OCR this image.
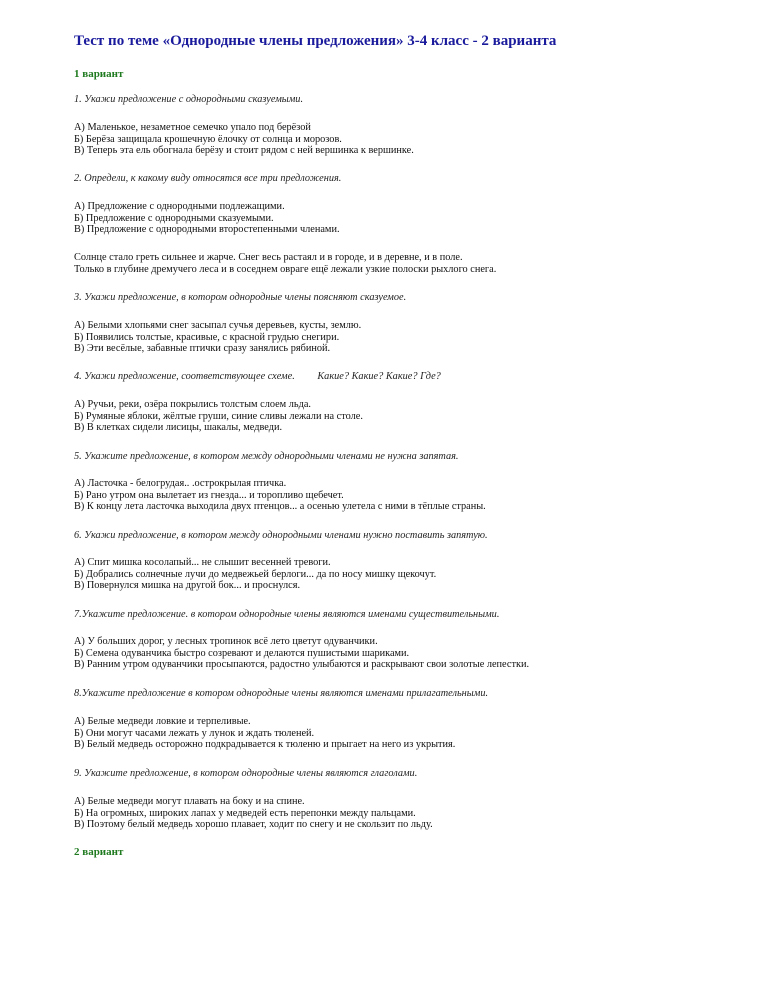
Тест по теме «Однородные члены предложения» 3-4 класс - 2 варианта
1 вариант
1. Укажи предложение с однородными сказуемыми.
А) Маленькое, незаметное семечко упало под берёзой
Б) Берёза защищала крошечную ёлочку от солнца и морозов.
В) Теперь эта ель обогнала берёзу и стоит рядом с ней вершинка к вершинке.
2. Определи, к какому виду относятся все три предложения.
А) Предложение с однородными подлежащими.
Б) Предложение с однородными сказуемыми.
В) Предложение с однородными второстепенными членами.
Солнце стало греть сильнее и жарче. Снег весь растаял и в городе, и в деревне, и в поле.
Только в глубине дремучего леса и в соседнем овраге ещё лежали узкие полоски рыхлого снега.
3. Укажи предложение, в котором однородные члены поясняют сказуемое.
А) Белыми хлопьями снег засыпал сучья деревьев, кусты, землю.
Б) Появились толстые, красивые, с красной грудью снегири.
В) Эти весёлые, забавные птички сразу занялись рябиной.
4. Укажи предложение, соответствующее схеме. Какие? Какие? Какие? Где?
А) Ручьи, реки, озёра покрылись толстым слоем льда.
Б) Румяные яблоки, жёлтые груши, синие сливы лежали на столе.
В) В клетках сидели лисицы, шакалы, медведи.
5. Укажите предложение, в котором между однородными членами не нужна запятая.
А) Ласточка - белогрудая.. .острокрылая птичка.
Б) Рано утром она вылетает из гнезда... и торопливо щебечет.
В) К концу лета ласточка выходила двух птенцов... а осенью улетела с ними в тёплые страны.
6. Укажи предложение, в котором между однородными членами нужно поставить запятую.
А) Спит мишка косолапый... не слышит весенней тревоги.
Б) Добрались солнечные лучи до медвежьей берлоги... да по носу мишку щекочут.
В) Повернулся мишка на другой бок... и проснулся.
7.Укажите предложение. в котором однородные члены являются именами существительными.
А) У больших дорог, у лесных тропинок всё лето цветут одуванчики.
Б) Семена одуванчика быстро созревают и делаются пушистыми шариками.
В) Ранним утром одуванчики просыпаются, радостно улыбаются и раскрывают свои золотые лепестки.
8.Укажите предложение в котором однородные члены являются именами прилагательными.
А) Белые медведи ловкие и терпеливые.
Б) Они могут часами лежать у лунок и ждать тюленей.
В) Белый медведь осторожно подкрадывается к тюленю и прыгает на него из укрытия.
9. Укажите предложение, в котором однородные члены являются глаголами.
А) Белые медведи могут плавать на боку и на спине.
Б) На огромных, широких лапах у медведей есть перепонки между пальцами.
В) Поэтому белый медведь хорошо плавает, ходит по снегу и не скользит по льду.
2 вариант
